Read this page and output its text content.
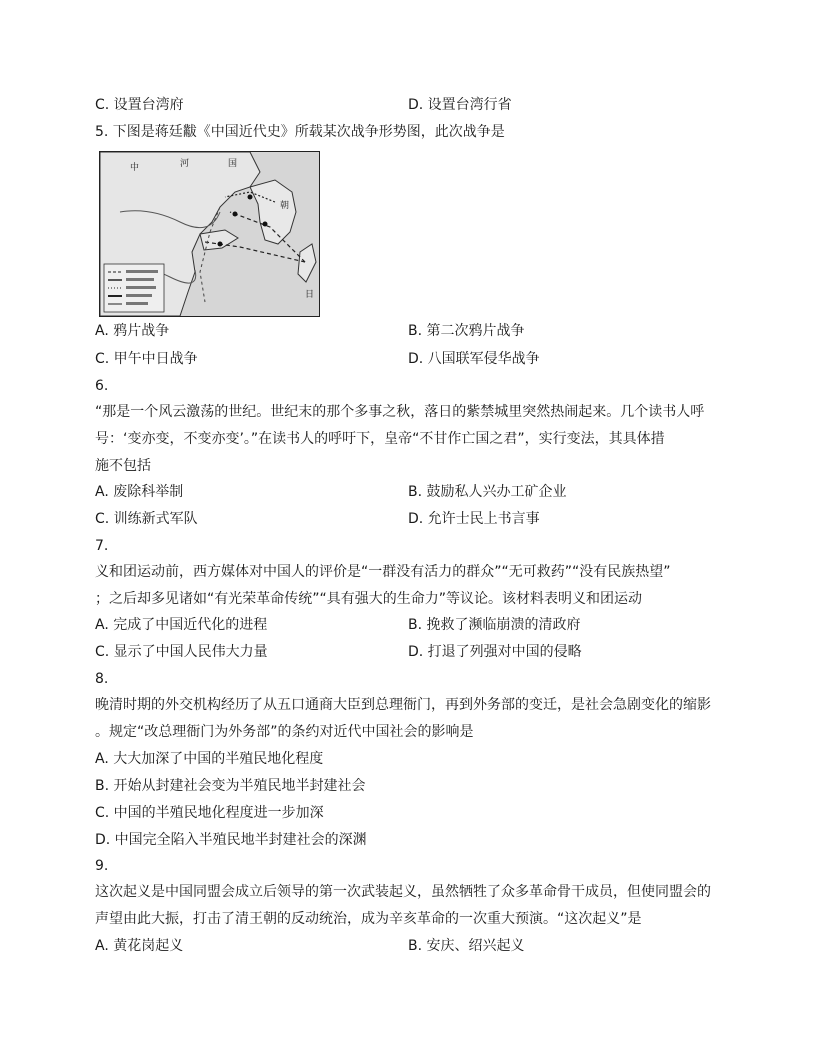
C. 设置台湾府	D. 设置台湾行省
5. 下图是蒋廷黻《中国近代史》所载某次战争形势图，此次战争是
中	河	国
朝
日
A. 鸦片战争	B. 第二次鸦片战争
C. 甲午中日战争	D. 八国联军侵华战争
6.
“那是一个风云激荡的世纪。世纪末的那个多事之秋，落日的紫禁城里突然热闹起来。几个读书人呼
号：‘变亦变，不变亦变’。”在读书人的呼吁下，皇帝“不甘作亡国之君”，实行变法，其具体措
施不包括
A. 废除科举制	B. 鼓励私人兴办工矿企业
C. 训练新式军队	D. 允许士民上书言事
7.
义和团运动前，西方媒体对中国人的评价是“一群没有活力的群众”“无可救药”“没有民族热望”
；之后却多见诸如“有光荣革命传统”“具有强大的生命力”等议论。该材料表明义和团运动
A. 完成了中国近代化的进程	B. 挽救了濒临崩溃的清政府
C. 显示了中国人民伟大力量	D. 打退了列强对中国的侵略
8.
晚清时期的外交机构经历了从五口通商大臣到总理衙门，再到外务部的变迁，是社会急剧变化的缩影
。规定“改总理衙门为外务部”的条约对近代中国社会的影响是
A. 大大加深了中国的半殖民地化程度
B. 开始从封建社会变为半殖民地半封建社会
C. 中国的半殖民地化程度进一步加深
D. 中国完全陷入半殖民地半封建社会的深渊
9.
这次起义是中国同盟会成立后领导的第一次武装起义，虽然牺牲了众多革命骨干成员，但使同盟会的
声望由此大振，打击了清王朝的反动统治，成为辛亥革命的一次重大预演。“这次起义”是
A. 黄花岗起义	B. 安庆、绍兴起义
